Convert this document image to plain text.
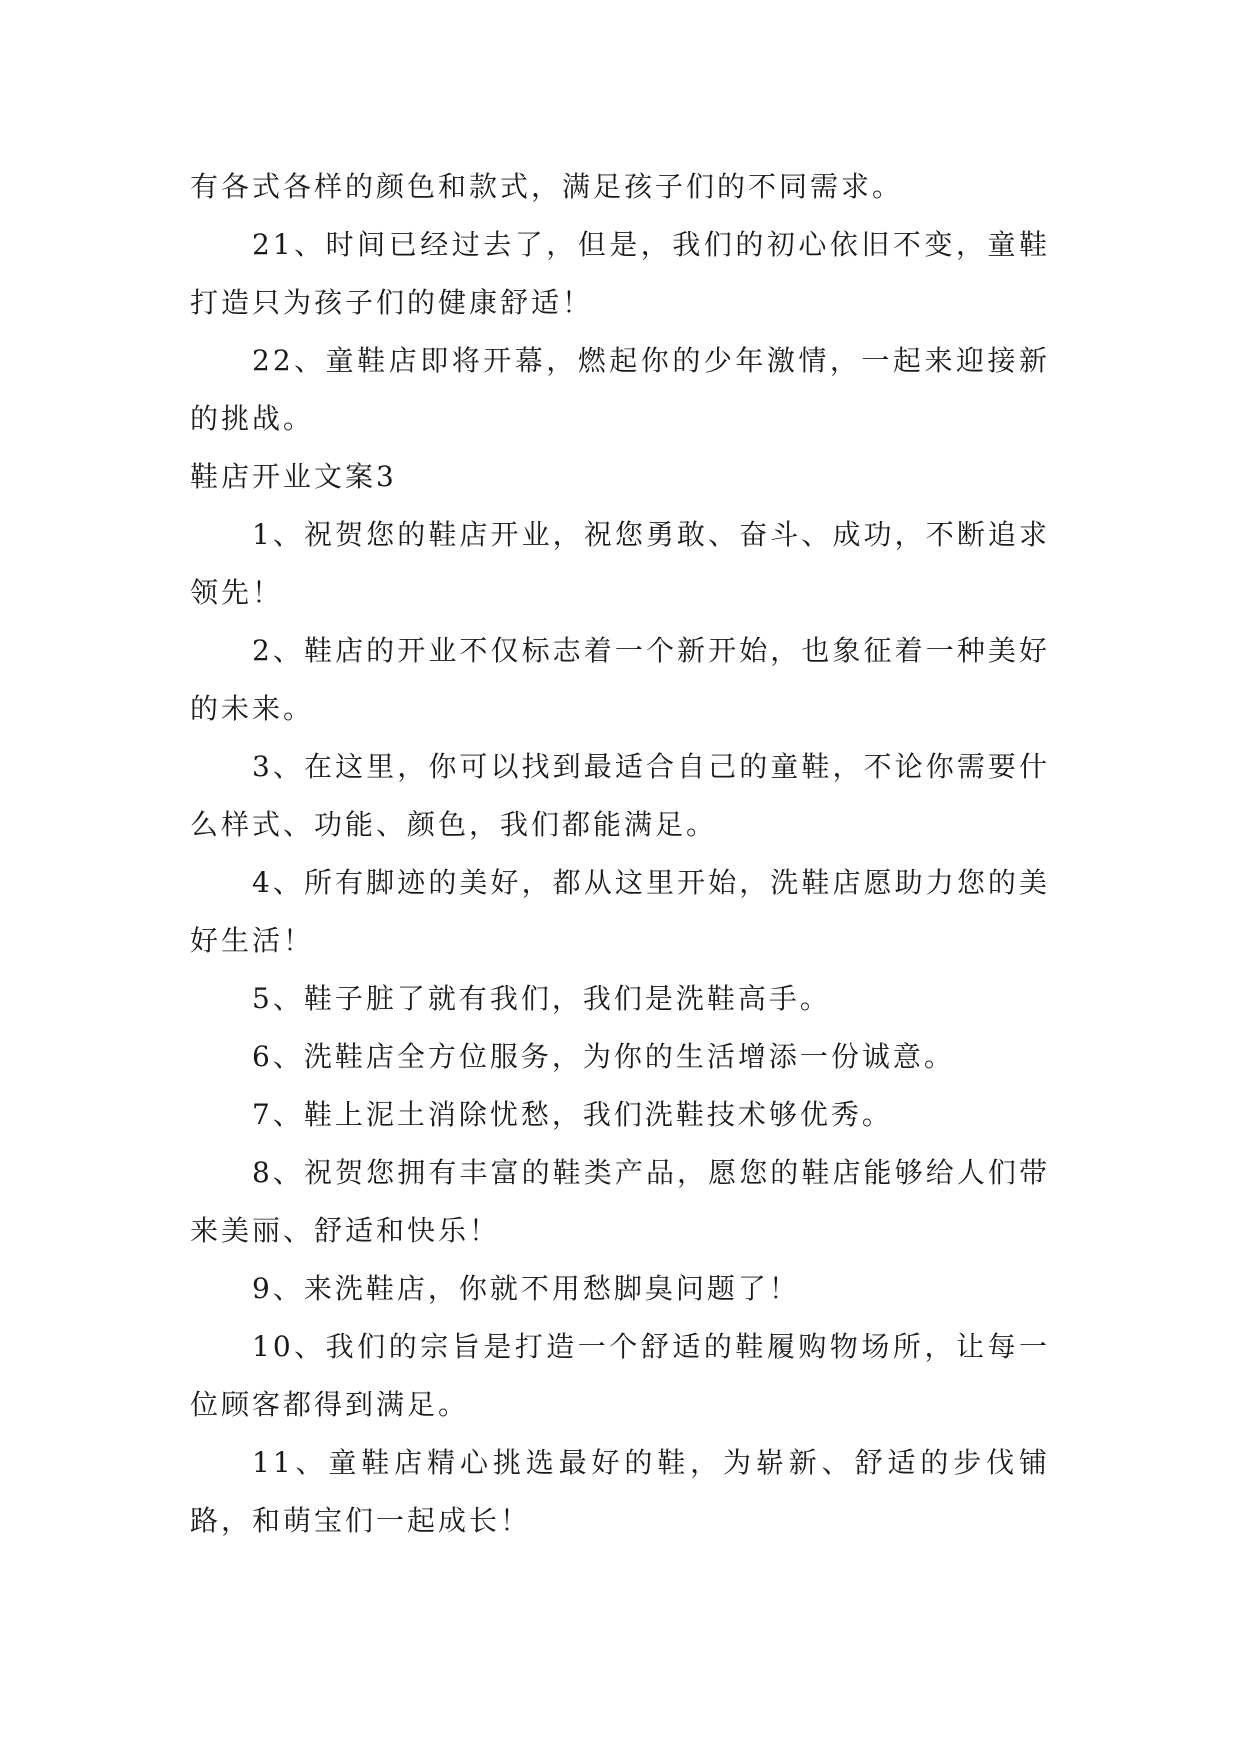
有各式各样的颜色和款式，满足孩子们的不同需求。

21、时间已经过去了，但是，我们的初心依旧不变，童鞋打造只为孩子们的健康舒适！

22、童鞋店即将开幕，燃起你的少年激情，一起来迎接新的挑战。

鞋店开业文案3

1、祝贺您的鞋店开业，祝您勇敢、奋斗、成功，不断追求领先！

2、鞋店的开业不仅标志着一个新开始，也象征着一种美好的未来。

3、在这里，你可以找到最适合自己的童鞋，不论你需要什么样式、功能、颜色，我们都能满足。

4、所有脚迹的美好，都从这里开始，洗鞋店愿助力您的美好生活！

5、鞋子脏了就有我们，我们是洗鞋高手。

6、洗鞋店全方位服务，为你的生活增添一份诚意。

7、鞋上泥土消除忧愁，我们洗鞋技术够优秀。

8、祝贺您拥有丰富的鞋类产品，愿您的鞋店能够给人们带来美丽、舒适和快乐！

9、来洗鞋店，你就不用愁脚臭问题了！

10、我们的宗旨是打造一个舒适的鞋履购物场所，让每一位顾客都得到满足。

11、童鞋店精心挑选最好的鞋，为崭新、舒适的步伐铺路，和萌宝们一起成长！
